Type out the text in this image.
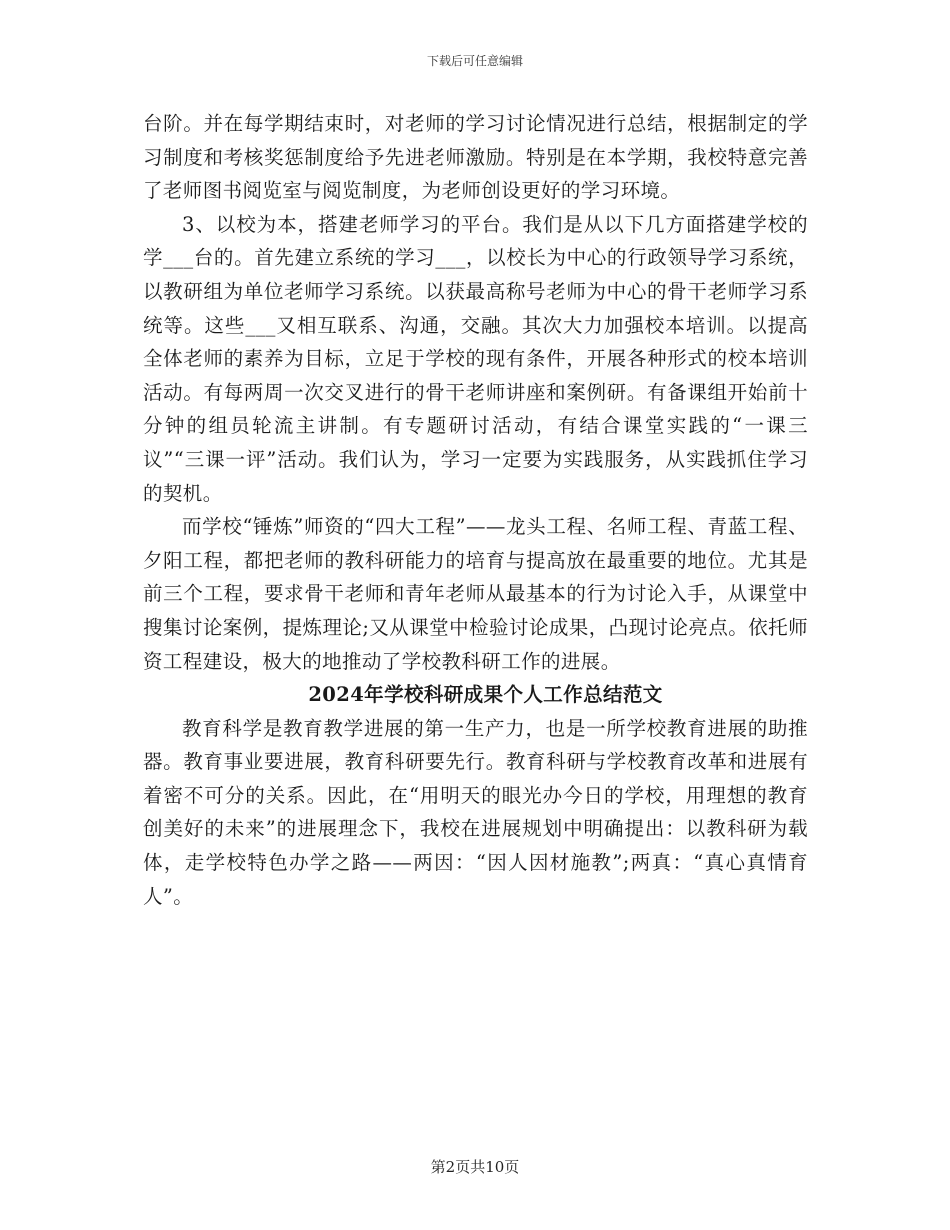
下载后可任意编辑

台阶。并在每学期结束时，对老师的学习讨论情况进行总结，根据制定的学习制度和考核奖惩制度给予先进老师激励。特别是在本学期，我校特意完善了老师图书阅览室与阅览制度，为老师创设更好的学习环境。

3、以校为本，搭建老师学习的平台。我们是从以下几方面搭建学校的学___台的。首先建立系统的学习___，以校长为中心的行政领导学习系统，以教研组为单位老师学习系统。以获最高称号老师为中心的骨干老师学习系统等。这些___又相互联系、沟通，交融。其次大力加强校本培训。以提高全体老师的素养为目标，立足于学校的现有条件，开展各种形式的校本培训活动。有每两周一次交叉进行的骨干老师讲座和案例研。有备课组开始前十分钟的组员轮流主讲制。有专题研讨活动，有结合课堂实践的“一课三议”“三课一评”活动。我们认为，学习一定要为实践服务，从实践抓住学习的契机。

而学校“锤炼”师资的“四大工程”——龙头工程、名师工程、青蓝工程、夕阳工程，都把老师的教科研能力的培育与提高放在最重要的地位。尤其是前三个工程，要求骨干老师和青年老师从最基本的行为讨论入手，从课堂中搜集讨论案例，提炼理论;又从课堂中检验讨论成果，凸现讨论亮点。依托师资工程建设，极大的地推动了学校教科研工作的进展。

2024年学校科研成果个人工作总结范文

教育科学是教育教学进展的第一生产力，也是一所学校教育进展的助推器。教育事业要进展，教育科研要先行。教育科研与学校教育改革和进展有着密不可分的关系。因此，在“用明天的眼光办今日的学校，用理想的教育创美好的未来”的进展理念下，我校在进展规划中明确提出：以教科研为载体，走学校特色办学之路——两因：“因人因材施教”;两真：“真心真情育人”。

第2页共10页
